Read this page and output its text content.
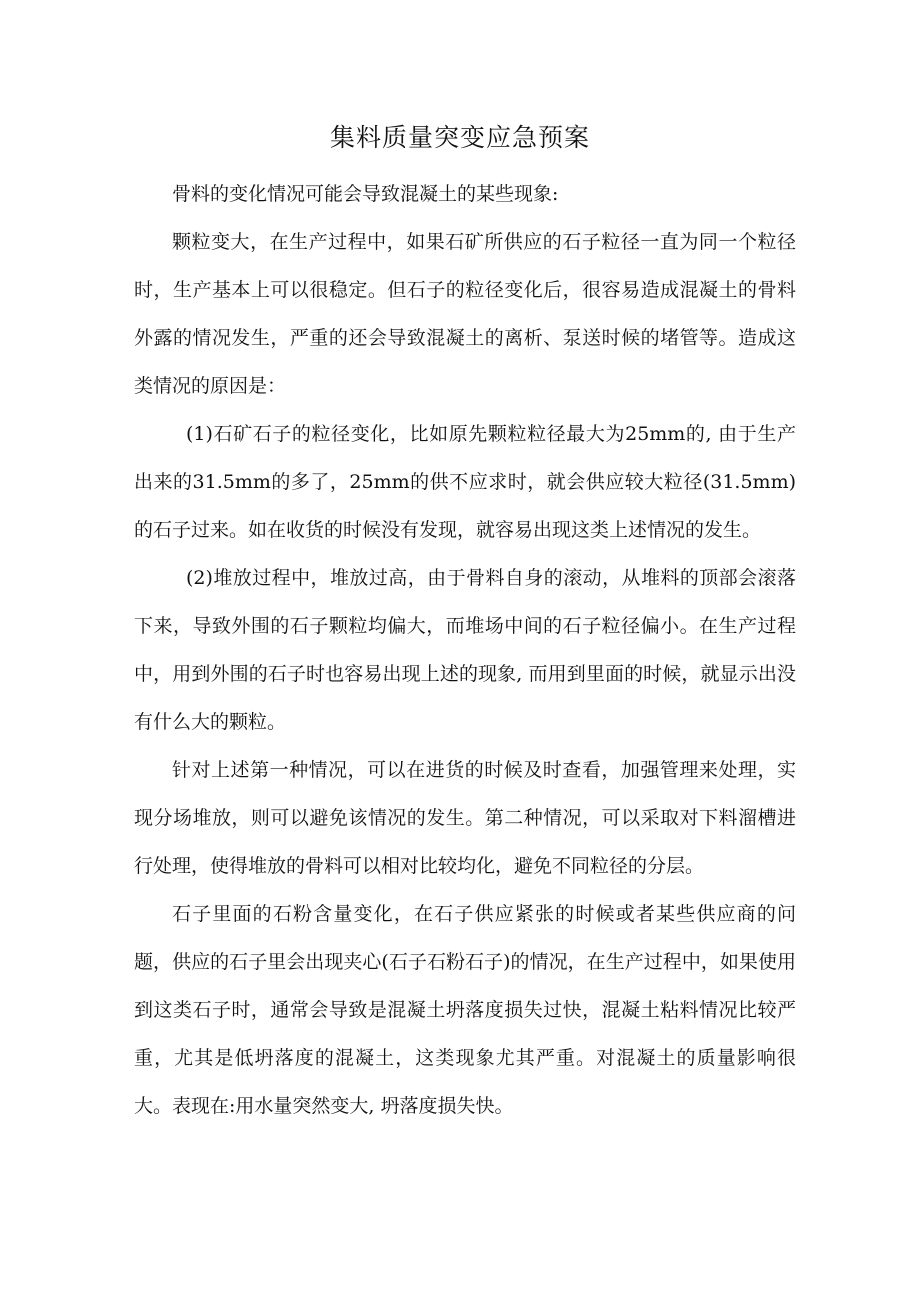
集料质量突变应急预案

骨料的变化情况可能会导致混凝土的某些现象:

颗粒变大，在生产过程中，如果石矿所供应的石子粒径一直为同一个粒径时，生产基本上可以很稳定。但石子的粒径变化后，很容易造成混凝土的骨料外露的情况发生，严重的还会导致混凝土的离析、泵送时候的堵管等。造成这类情况的原因是：

(1)石矿石子的粒径变化，比如原先颗粒粒径最大为25mm的, 由于生产出来的31.5mm的多了，25mm的供不应求时，就会供应较大粒径(31.5mm)的石子过来。如在收货的时候没有发现，就容易出现这类上述情况的发生。

(2)堆放过程中，堆放过高，由于骨料自身的滚动，从堆料的顶部会滚落下来，导致外围的石子颗粒均偏大，而堆场中间的石子粒径偏小。在生产过程中，用到外围的石子时也容易出现上述的现象, 而用到里面的时候，就显示出没有什么大的颗粒。

针对上述第一种情况，可以在进货的时候及时查看，加强管理来处理，实现分场堆放，则可以避免该情况的发生。第二种情况，可以采取对下料溜槽进行处理，使得堆放的骨料可以相对比较均化，避免不同粒径的分层。

石子里面的石粉含量变化，在石子供应紧张的时候或者某些供应商的问题，供应的石子里会出现夹心(石子石粉石子)的情况，在生产过程中，如果使用到这类石子时，通常会导致是混凝土坍落度损失过快，混凝土粘料情况比较严重，尤其是低坍落度的混凝土，这类现象尤其严重。对混凝土的质量影响很大。表现在:用水量突然变大, 坍落度损失快。
